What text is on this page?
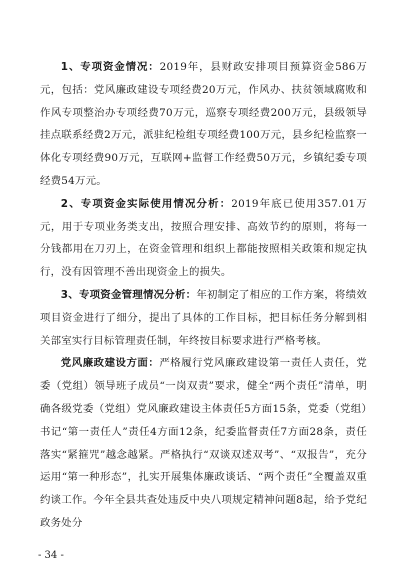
1、专项资金情况：2019年，县财政安排项目预算资金586万元，包括：党风廉政建设专项经费20万元，作风办、扶贫领域腐败和作风专项整治办专项经费70万元，巡察专项经费200万元，县级领导挂点联系经费2万元，派驻纪检组专项经费100万元，县乡纪检监察一体化专项经费90万元，互联网+监督工作经费50万元，乡镇纪委专项经费54万元。

2、专项资金实际使用情况分析：2019年底已使用357.01万元，用于专项业务类支出，按照合理安排、高效节约的原则，将每一分钱都用在刀刃上，在资金管理和组织上都能按照相关政策和规定执行，没有因管理不善出现资金上的损失。

3、专项资金管理情况分析：年初制定了相应的工作方案，将绩效项目资金进行了细分，提出了具体的工作目标，把目标任务分解到相关部室实行目标管理责任制，年终按目标要求进行严格考核。

党风廉政建设方面：严格履行党风廉政建设第一责任人责任，党委（党组）领导班子成员“一岗双责”要求，健全“两个责任”清单，明确各级党委（党组）党风廉政建设主体责任5方面15条，党委（党组）书记“第一责任人”责任4方面12条，纪委监督责任7方面28条，责任落实“紧箍咒”越念越紧。严格执行“双谈双述双考”、“双报告”，充分运用“第一种形态”，扎实开展集体廉政谈话、“两个责任”全覆盖双重约谈工作。今年全县共查处违反中央八项规定精神问题8起，给予党纪政务处分

- 34 -
